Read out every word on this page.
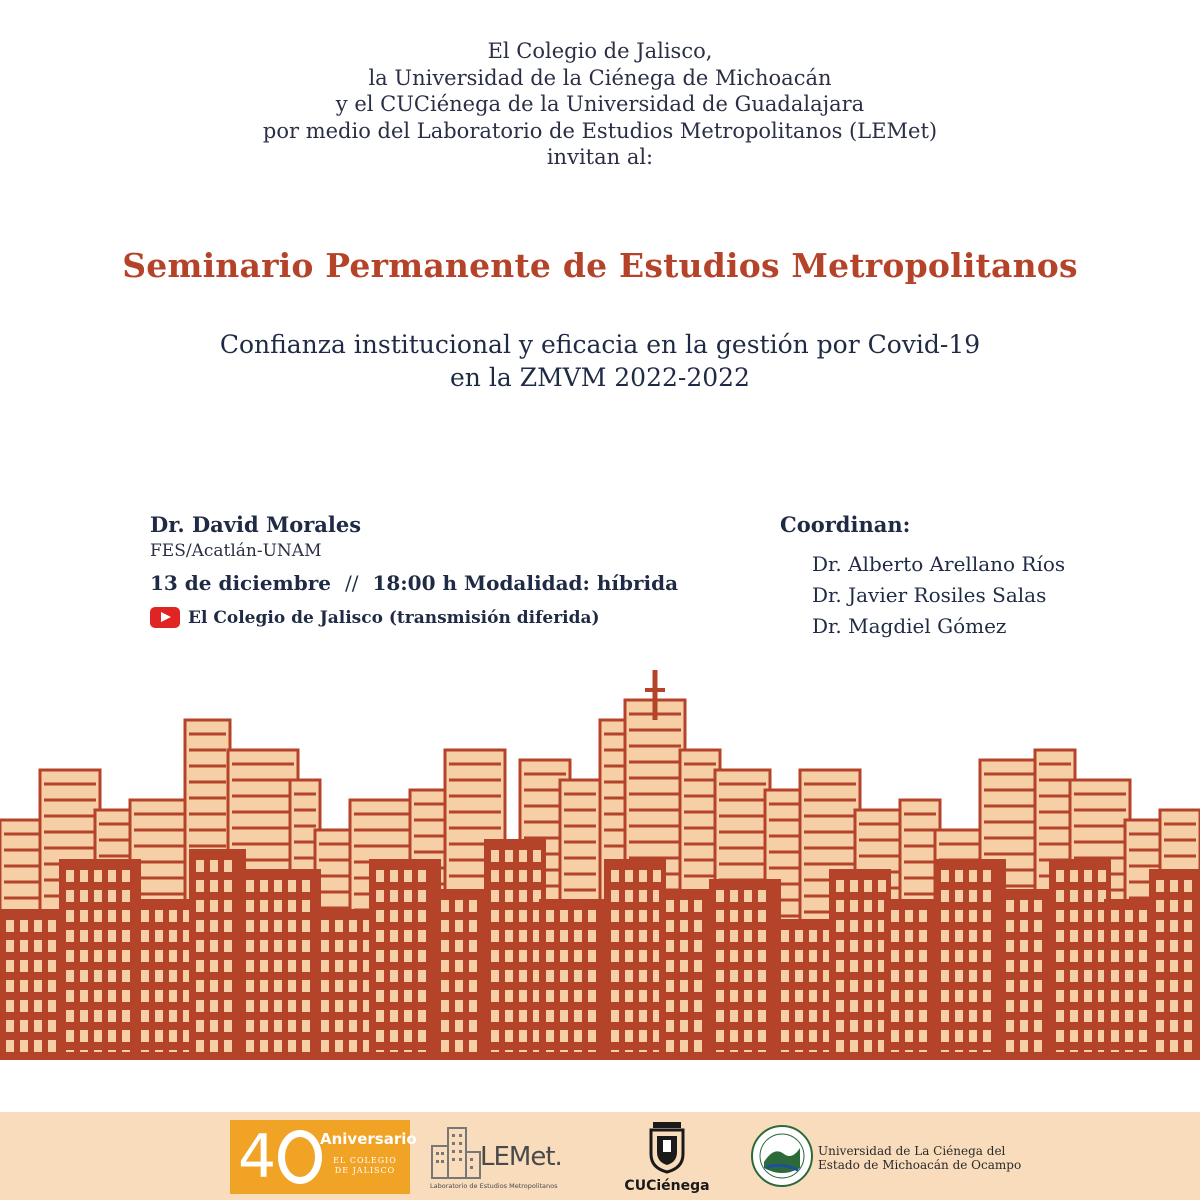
El Colegio de Jalisco,
la Universidad de la Ciénega de Michoacán
y el CUCiénega de la Universidad de Guadalajara
por medio del Laboratorio de Estudios Metropolitanos (LEMet)
invitan al:
Seminario Permanente de Estudios Metropolitanos
Confianza institucional y eficacia en la gestión por Covid-19
en la ZMVM 2022-2022
Dr. David Morales
FES/Acatlán-UNAM
13 de diciembre // 18:00 h Modalidad: híbrida
El Colegio de Jalisco (transmisión diferida)
Coordinan:
Dr. Alberto Arellano Ríos
Dr. Javier Rosiles Salas
Dr. Magdiel Gómez
4	Aniversario
EL COLEGIO DE JALISCO	LEMet.
Laboratorio de Estudios Metropolitanos	CUCiénega
Universidad de La Ciénega del
Estado de Michoacán de Ocampo
